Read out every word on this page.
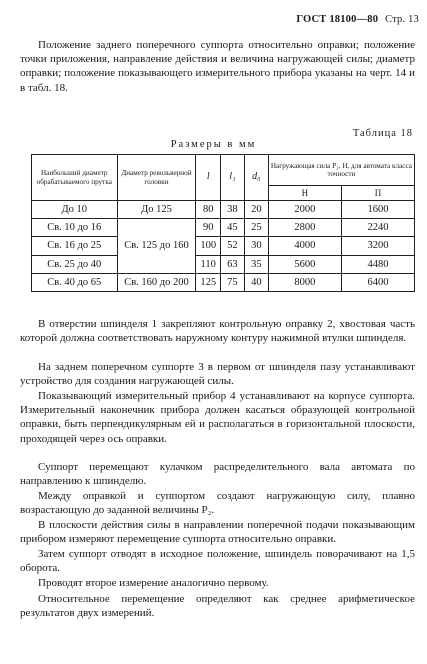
ГОСТ 18100—80 Стр. 13

Положение заднего поперечного суппорта относительно оправки; положение точки приложения, направление действия и величина нагружающей силы; диаметр оправки; положение показывающего измерительного прибора указаны на черт. 14 и в табл. 18.

Таблица 18
Размеры в мм
Наибольший диаметр обрабатываемого прутка	Диаметр револьверной головки	l	l₁	d₀	Нагружающая сила P₂, Н, для автомата класса точности	
					Н	П
До 10	До 125	80	38	20	2000	1600
Св. 10 до 16	Св. 125 до 160	90	45	25	2800	2240
Св. 16 до 25		100	52	30	4000	3200
Св. 25 до 40		110	63	35	5600	4480
Св. 40 до 65	Св. 160 до 200	125	75	40	8000	6400

В отверстии шпинделя 1 закрепляют контрольную оправку 2, хвостовая часть которой должна соответствовать наружному контуру нажимной втулки шпинделя.

На заднем поперечном суппорте 3 в первом от шпинделя пазу устанавливают устройство для создания нагружающей силы.

Показывающий измерительный прибор 4 устанавливают на корпусе суппорта. Измерительный наконечник прибора должен касаться образующей контрольной оправки, быть перпендикулярным ей и располагаться в горизонтальной плоскости, проходящей через ось оправки.

Суппорт перемещают кулачком распределительного вала автомата по направлению к шпинделю.

Между оправкой и суппортом создают нагружающую силу, плавно возрастающую до заданной величины P₂.

В плоскости действия силы в направлении поперечной подачи показывающим прибором измеряют перемещение суппорта относительно оправки.

Затем суппорт отводят в исходное положение, шпиндель поворачивают на 1,5 оборота.

Проводят второе измерение аналогично первому.

Относительное перемещение определяют как среднее арифметическое результатов двух измерений.
